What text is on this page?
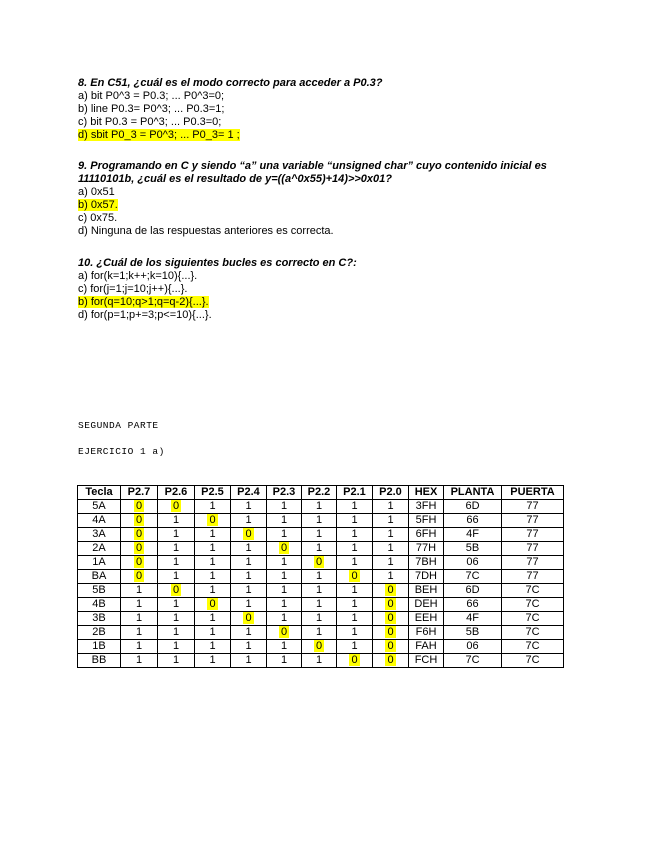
8. En C51, ¿cuál es el modo correcto para acceder a P0.3?

a) bit P0^3 = P0.3; ... P0^3=0;

b) line P0.3= P0^3; ... P0.3=1;

c) bit P0.3 = P0^3; ... P0.3=0;

d) sbit P0_3 = P0^3; ... P0_3= 1 ;

9. Programando en C y siendo “a” una variable “unsigned char” cuyo contenido inicial es

11110101b, ¿cuál es el resultado de y=((a^0x55)+14)>>0x01?

a) 0x51

b) 0x57.

c) 0x75.

d) Ninguna de las respuestas anteriores es correcta.

10. ¿Cuál de los siguientes bucles es correcto en C?:

a) for(k=1;k++;k=10){...}.

c) for(j=1;j=10;j++){...}.

b) for(q=10;q>1;q=q-2){...}.

d) for(p=1;p+=3;p<=10){...}.

SEGUNDA PARTE
EJERCICIO 1 a)
Tecla	P2.7	P2.6	P2.5	P2.4	P2.3	P2.2	P2.1	P2.0	HEX	PLANTA	PUERTA
5A	0	0	1	1	1	1	1	1	3FH	6D	77
4A	0	1	0	1	1	1	1	1	5FH	66	77
3A	0	1	1	0	1	1	1	1	6FH	4F	77
2A	0	1	1	1	0	1	1	1	77H	5B	77
1A	0	1	1	1	1	0	1	1	7BH	06	77
BA	0	1	1	1	1	1	0	1	7DH	7C	77
5B	1	0	1	1	1	1	1	0	BEH	6D	7C
4B	1	1	0	1	1	1	1	0	DEH	66	7C
3B	1	1	1	0	1	1	1	0	EEH	4F	7C
2B	1	1	1	1	0	1	1	0	F6H	5B	7C
1B	1	1	1	1	1	0	1	0	FAH	06	7C
BB	1	1	1	1	1	1	0	0	FCH	7C	7C
